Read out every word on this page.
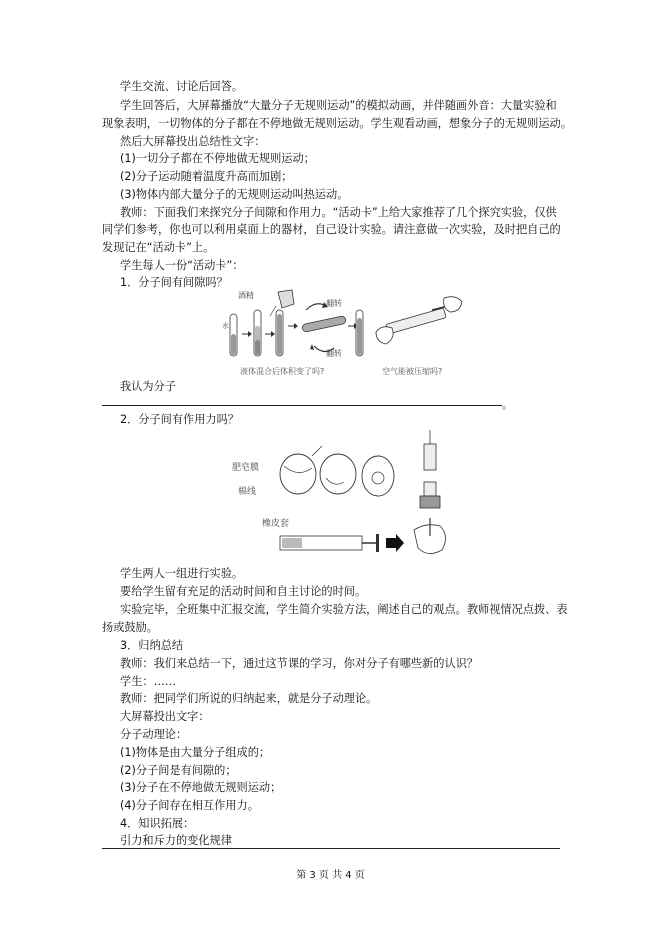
学生交流、讨论后回答。
学生回答后，大屏幕播放“大量分子无规则运动”的模拟动画，并伴随画外音：大量实验和
现象表明，一切物体的分子都在不停地做无规则运动。学生观看动画，想象分子的无规则运动。
然后大屏幕投出总结性文字：
(1)一切分子都在不停地做无规则运动；
(2)分子运动随着温度升高而加剧；
(3)物体内部大量分子的无规则运动叫热运动。
教师：下面我们来探究分子间隙和作用力。“活动卡”上给大家推荐了几个探究实验，仅供
同学们参考，你也可以利用桌面上的器材，自己设计实验。请注意做一次实验，及时把自己的
发现记在“活动卡”上。
学生每人一份“活动卡”：
1．分子间有间隙吗？
酒精
水
翻转
翻转
液体混合后体积变了吗?	空气能被压缩吗?
我认为分子
。
2．分子间有作用力吗？
肥皂膜
棉线
橡皮套
学生两人一组进行实验。
要给学生留有充足的活动时间和自主讨论的时间。
实验完毕，全班集中汇报交流，学生简介实验方法，阐述自己的观点。教师视情况点拨、表
扬或鼓励。
3．归纳总结
教师：我们来总结一下，通过这节课的学习，你对分子有哪些新的认识？
学生：……
教师：把同学们所说的归纳起来，就是分子动理论。
大屏幕投出文字：
分子动理论：
(1)物体是由大量分子组成的；
(2)分子间是有间隙的；
(3)分子在不停地做无规则运动；
(4)分子间存在相互作用力。
4．知识拓展：
引力和斥力的变化规律
第 3 页 共 4 页
